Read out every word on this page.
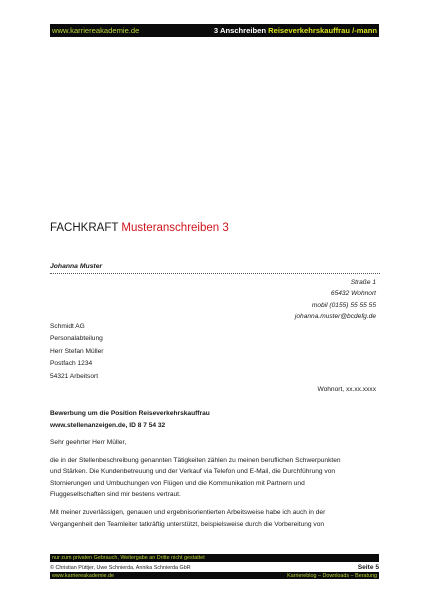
www.karriereakademie.de	3 Anschreiben Reiseverkehrskauffrau /-mann
FACHKRAFT Musteranschreiben 3
Johanna Muster
Straße 1
65432 Wohnort
mobil (0155) 55 55 55
johanna.muster@bcdefg.de
Schmidt AG
Personalabteilung
Herr Stefan Müller
Postfach 1234
54321 Arbeitsort
Wohnort, xx.xx.xxxx
Bewerbung um die Position Reiseverkehrskauffrau
www.stellenanzeigen.de, ID 8 7 54 32

Sehr geehrter Herr Müller,

die in der Stellenbeschreibung genannten Tätigkeiten zählen zu meinen beruflichen Schwerpunkten
und Stärken. Die Kundenbetreuung und der Verkauf via Telefon und E-Mail, die Durchführung von
Stornierungen und Umbuchungen von Flügen und die Kommunikation mit Partnern und
Fluggesellschaften sind mir bestens vertraut.

Mit meiner zuverlässigen, genauen und ergebnisorientierten Arbeitsweise habe ich auch in der
Vergangenheit den Teamleiter tatkräftig unterstützt, beispielsweise durch die Vorbereitung von

nur zum privaten Gebrauch, Weitergabe an Dritte nicht gestattet
© Christian Püttjer, Uwe Schnierda, Annika Schnierda GbR	Seite 5
www.karriereakademie.de	Karriereblog – Downloads – Beratung
